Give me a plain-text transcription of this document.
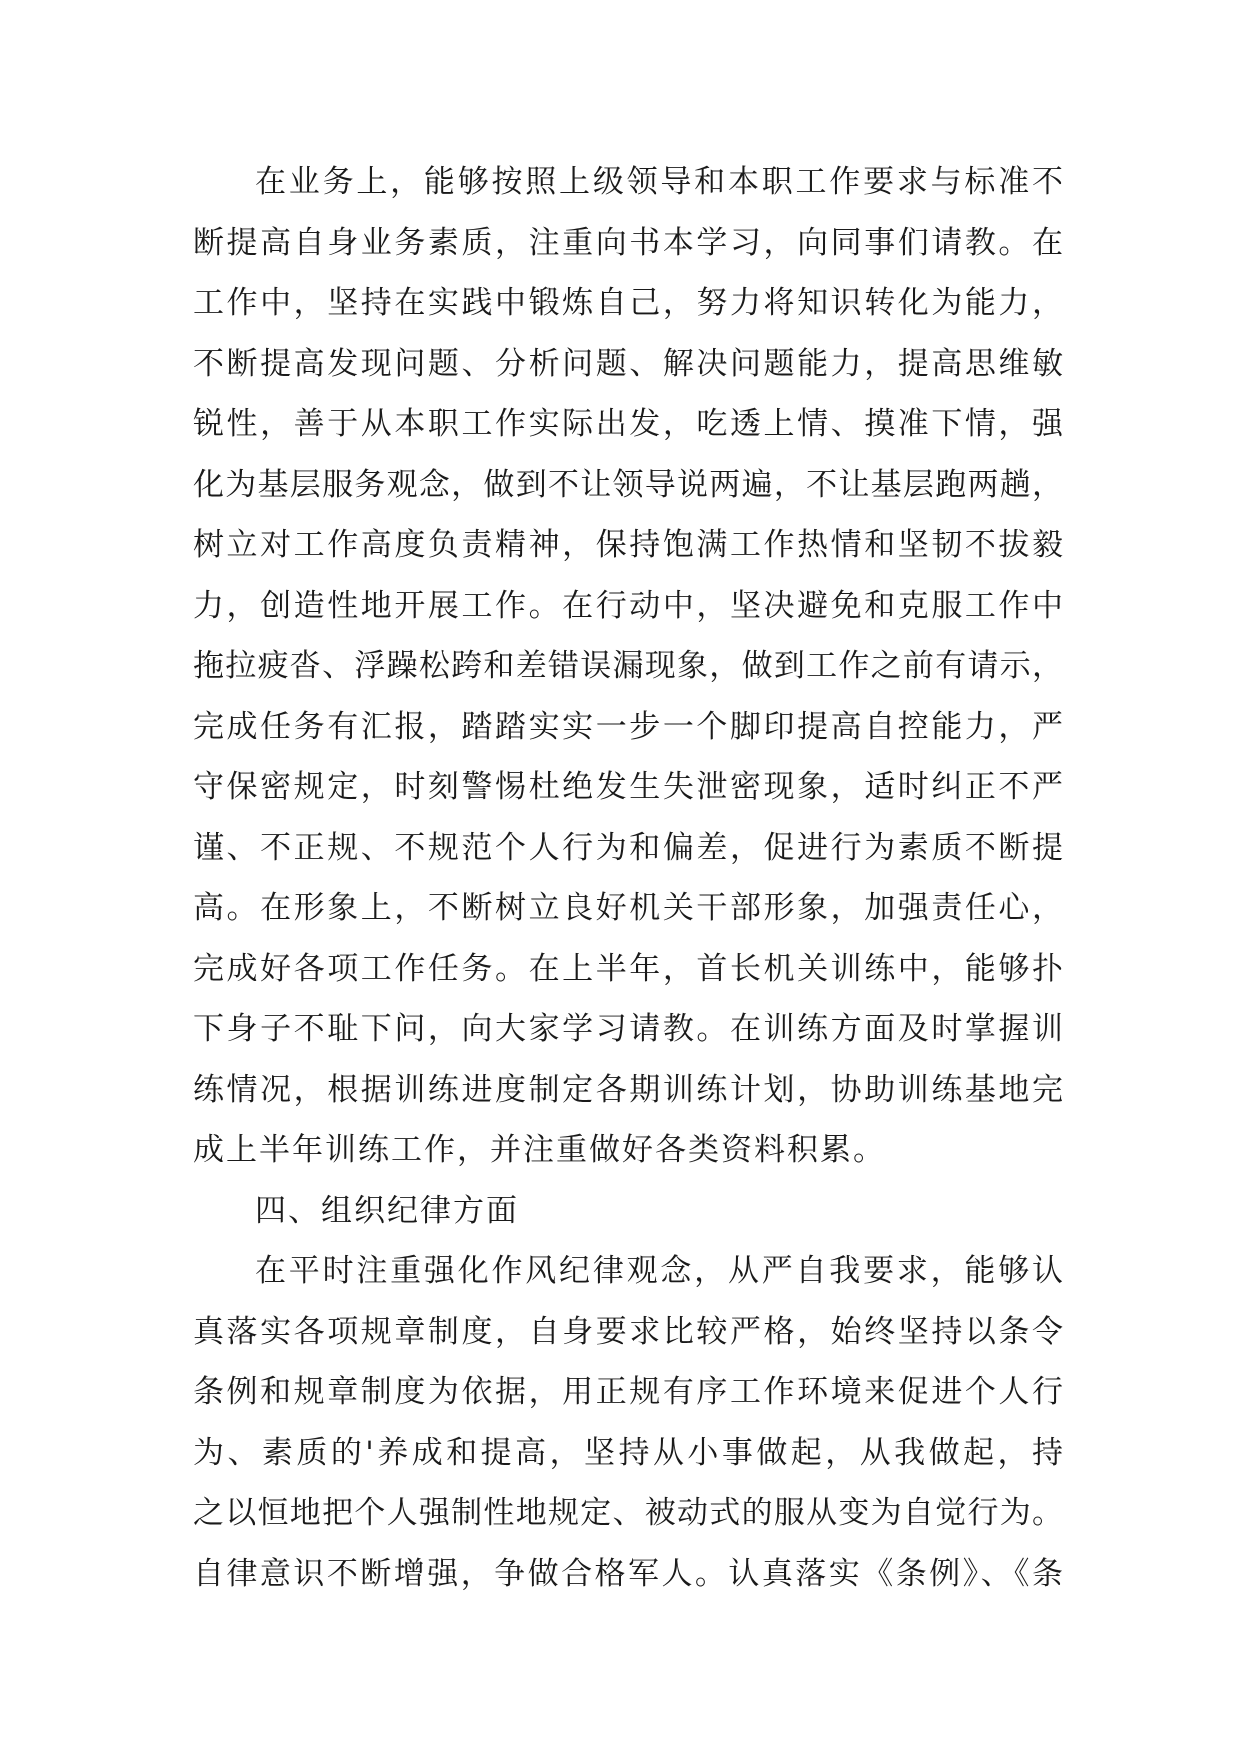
在业务上，能够按照上级领导和本职工作要求与标准不
断提高自身业务素质，注重向书本学习，向同事们请教。在
工作中，坚持在实践中锻炼自己，努力将知识转化为能力，
不断提高发现问题、分析问题、解决问题能力，提高思维敏
锐性，善于从本职工作实际出发，吃透上情、摸准下情，强
化为基层服务观念，做到不让领导说两遍，不让基层跑两趟，
树立对工作高度负责精神，保持饱满工作热情和坚韧不拔毅
力，创造性地开展工作。在行动中，坚决避免和克服工作中
拖拉疲沓、浮躁松跨和差错误漏现象，做到工作之前有请示，
完成任务有汇报，踏踏实实一步一个脚印提高自控能力，严
守保密规定，时刻警惕杜绝发生失泄密现象，适时纠正不严
谨、不正规、不规范个人行为和偏差，促进行为素质不断提
高。在形象上，不断树立良好机关干部形象，加强责任心，
完成好各项工作任务。在上半年，首长机关训练中，能够扑
下身子不耻下问，向大家学习请教。在训练方面及时掌握训
练情况，根据训练进度制定各期训练计划，协助训练基地完
成上半年训练工作，并注重做好各类资料积累。
四、组织纪律方面
在平时注重强化作风纪律观念，从严自我要求，能够认
真落实各项规章制度，自身要求比较严格，始终坚持以条令
条例和规章制度为依据，用正规有序工作环境来促进个人行
为、素质的'养成和提高，坚持从小事做起，从我做起，持
之以恒地把个人强制性地规定、被动式的服从变为自觉行为。
自律意识不断增强，争做合格军人。认真落实《条例》、《条
